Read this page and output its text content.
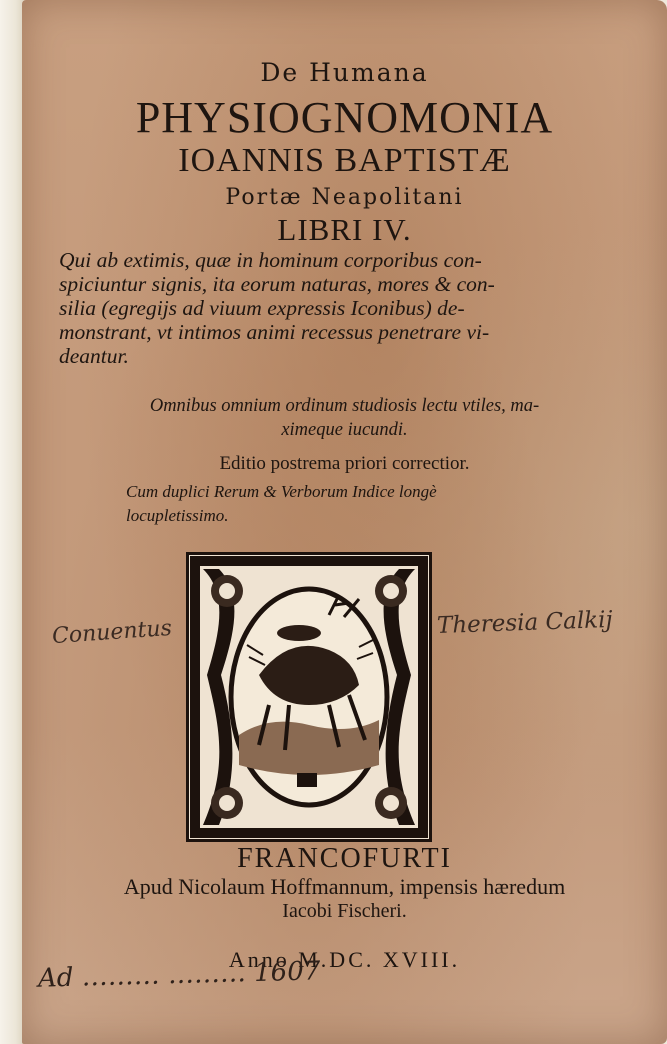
De Humana
PHYSIOGNOMONIA
IOANNIS BAPTISTÆ
Portæ Neapolitani
LIBRI IV.
Qui ab extimis, quæ in hominum corporibus con-
spiciuntur signis, ita eorum naturas, mores & con-
silia (egregijs ad viuum expressis Iconibus) de-
monstrant, vt intimos animi recessus penetrare vi-
deantur.
Omnibus omnium ordinum studiosis lectu vtiles, ma-
ximeque iucundi.
Editio postrema priori correctior.
Cum duplici Rerum & Verborum Indice longè
locupletissimo.
Conuentus	Theresia Calkij
FRANCOFURTI
Apud Nicolaum Hoffmannum, impensis hæredum
Iacobi Fischeri.
Anno M.DC. XVIII.
Ad ……… ……… 1607
